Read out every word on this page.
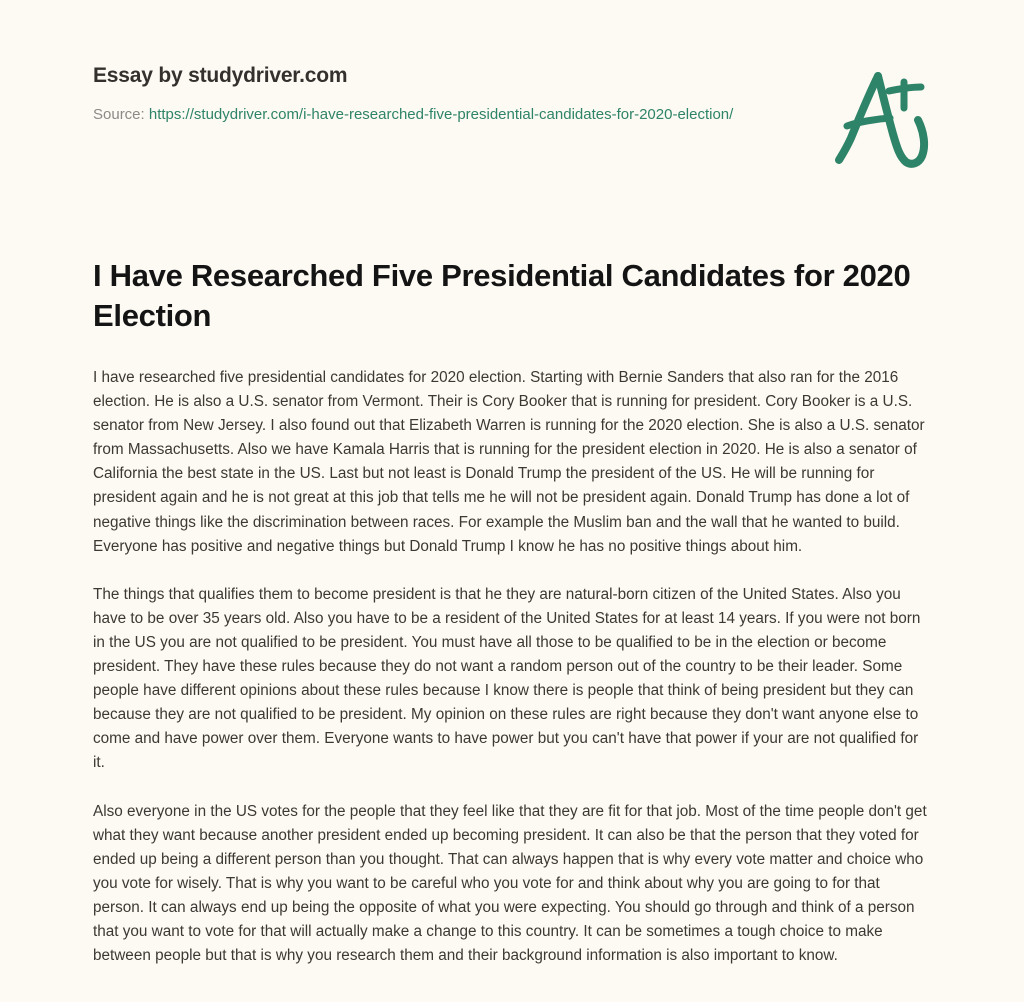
Essay by studydriver.com
Source: https://studydriver.com/i-have-researched-five-presidential-candidates-for-2020-election/
I Have Researched Five Presidential Candidates for 2020 Election

I have researched five presidential candidates for 2020 election. Starting with Bernie Sanders that also ran for the 2016 election. He is also a U.S. senator from Vermont. Their is Cory Booker that is running for president. Cory Booker is a U.S. senator from New Jersey. I also found out that Elizabeth Warren is running for the 2020 election. She is also a U.S. senator from Massachusetts. Also we have Kamala Harris that is running for the president election in 2020. He is also a senator of California the best state in the US. Last but not least is Donald Trump the president of the US. He will be running for president again and he is not great at this job that tells me he will not be president again. Donald Trump has done a lot of negative things like the discrimination between races. For example the Muslim ban and the wall that he wanted to build. Everyone has positive and negative things but Donald Trump I know he has no positive things about him.

The things that qualifies them to become president is that he they are natural-born citizen of the United States. Also you have to be over 35 years old. Also you have to be a resident of the United States for at least 14 years. If you were not born in the US you are not qualified to be president. You must have all those to be qualified to be in the election or become president. They have these rules because they do not want a random person out of the country to be their leader. Some people have different opinions about these rules because I know there is people that think of being president but they can because they are not qualified to be president. My opinion on these rules are right because they don't want anyone else to come and have power over them. Everyone wants to have power but you can't have that power if your are not qualified for it.

Also everyone in the US votes for the people that they feel like that they are fit for that job. Most of the time people don't get what they want because another president ended up becoming president. It can also be that the person that they voted for ended up being a different person than you thought. That can always happen that is why every vote matter and choice who you vote for wisely. That is why you want to be careful who you vote for and think about why you are going to for that person. It can always end up being the opposite of what you were expecting. You should go through and think of a person that you want to vote for that will actually make a change to this country. It can be sometimes a tough choice to make between people but that is why you research them and their background information is also important to know.
